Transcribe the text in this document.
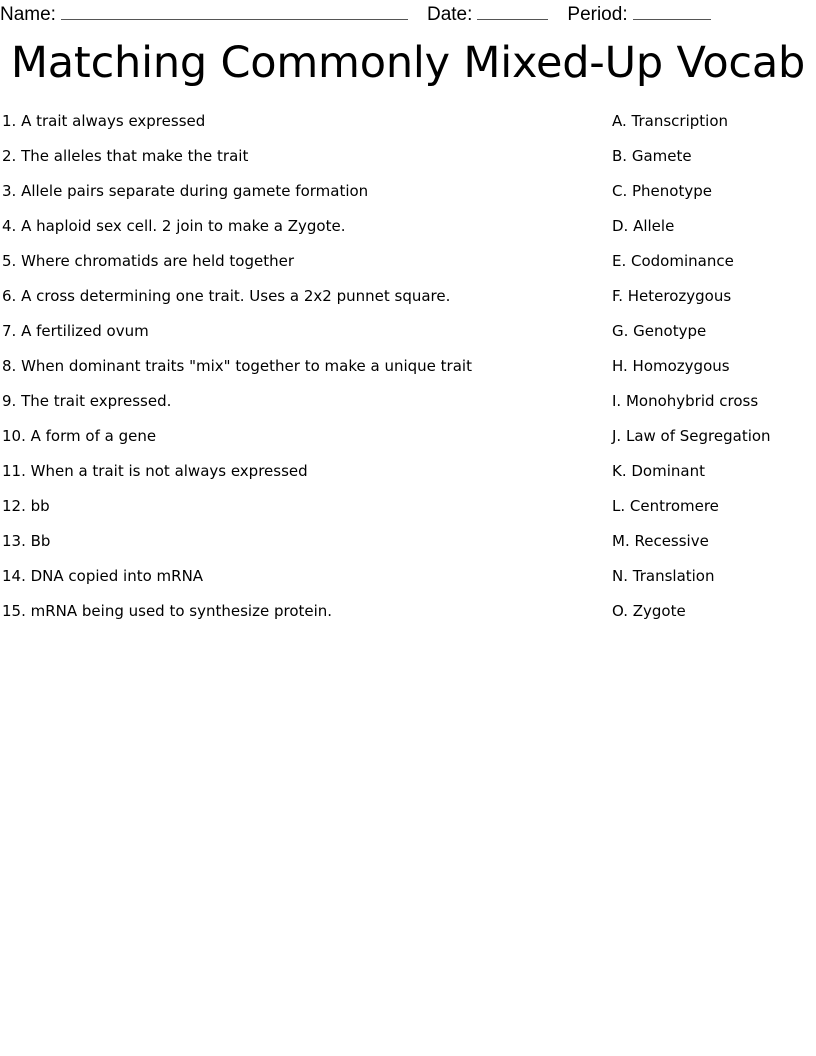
Name:	Date:	Period:
Matching Commonly Mixed-Up Vocab
1. A trait always expressed
2. The alleles that make the trait
3. Allele pairs separate during gamete formation
4. A haploid sex cell. 2 join to make a Zygote.
5. Where chromatids are held together
6. A cross determining one trait. Uses a 2x2 punnet square.
7. A fertilized ovum
8. When dominant traits "mix" together to make a unique trait
9. The trait expressed.
10. A form of a gene
11. When a trait is not always expressed
12. bb
13. Bb
14. DNA copied into mRNA
15. mRNA being used to synthesize protein.
A. Transcription
B. Gamete
C. Phenotype
D. Allele
E. Codominance
F. Heterozygous
G. Genotype
H. Homozygous
I. Monohybrid cross
J. Law of Segregation
K. Dominant
L. Centromere
M. Recessive
N. Translation
O. Zygote
